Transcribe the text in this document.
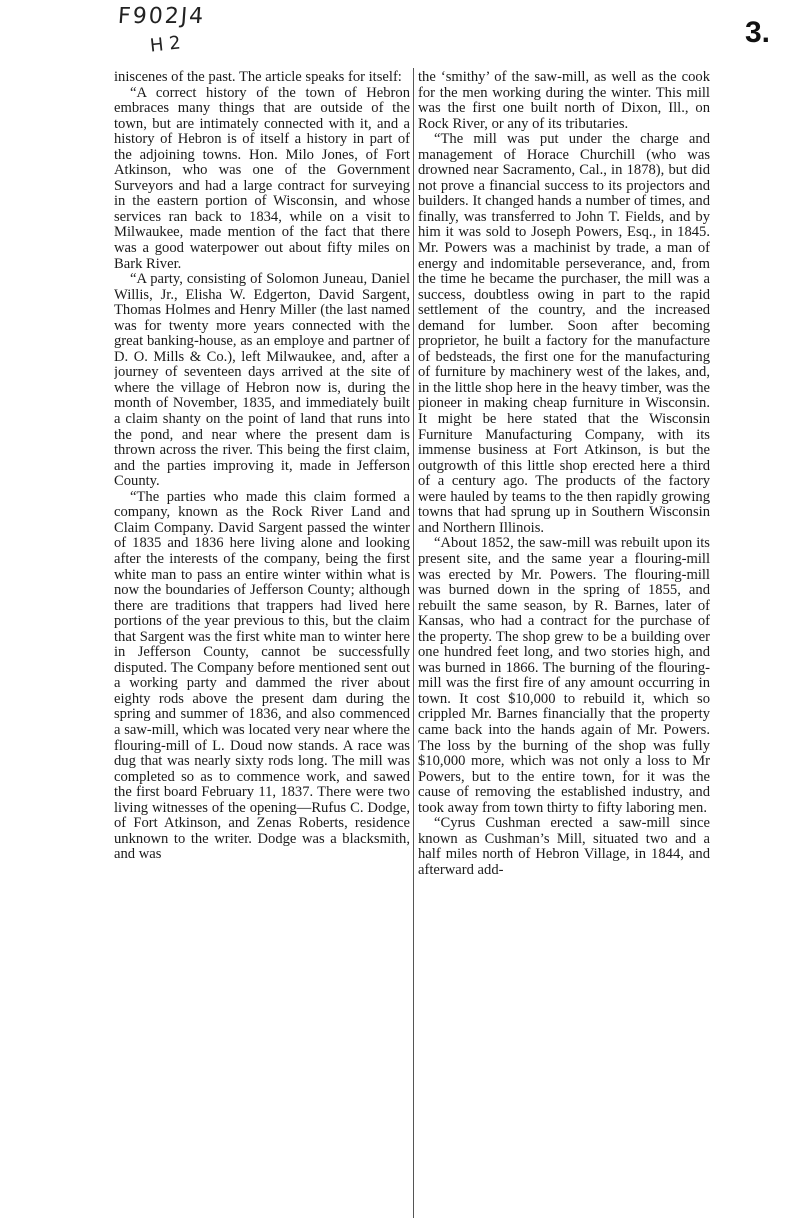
F902J4
H 2	3.

iniscenes of the past. The article speaks for itself:

“A correct history of the town of Hebron embraces many things that are outside of the town, but are intimately connected with it, and a history of Hebron is of itself a history in part of the adjoining towns. Hon. Milo Jones, of Fort Atkinson, who was one of the Government Surveyors and had a large contract for surveying in the eastern portion of Wisconsin, and whose services ran back to 1834, while on a visit to Milwaukee, made mention of the fact that there was a good waterpower out about fifty miles on Bark River.

“A party, consisting of Solomon Juneau, Daniel Willis, Jr., Elisha W. Edgerton, David Sargent, Thomas Holmes and Henry Miller (the last named was for twenty more years connected with the great banking-house, as an employe and partner of D. O. Mills & Co.), left Milwaukee, and, after a journey of seventeen days arrived at the site of where the village of Hebron now is, during the month of November, 1835, and immediately built a claim shanty on the point of land that runs into the pond, and near where the present dam is thrown across the river. This being the first claim, and the parties improving it, made in Jefferson County.

“The parties who made this claim formed a company, known as the Rock River Land and Claim Company. David Sargent passed the winter of 1835 and 1836 here living alone and looking after the interests of the company, being the first white man to pass an entire winter within what is now the boundaries of Jefferson County; although there are traditions that trappers had lived here portions of the year previous to this, but the claim that Sargent was the first white man to winter here in Jefferson County, cannot be successfully disputed. The Company before mentioned sent out a working party and dammed the river about eighty rods above the present dam during the spring and summer of 1836, and also commenced a saw-mill, which was located very near where the flouring-mill of L. Doud now stands. A race was dug that was nearly sixty rods long. The mill was completed so as to commence work, and sawed the first board February 11, 1837. There were two living witnesses of the opening—Rufus C. Dodge, of Fort Atkinson, and Zenas Roberts, residence unknown to the writer. Dodge was a blacksmith, and was

the ‘smithy’ of the saw-mill, as well as the cook for the men working during the winter. This mill was the first one built north of Dixon, Ill., on Rock River, or any of its tributaries.

“The mill was put under the charge and management of Horace Churchill (who was drowned near Sacramento, Cal., in 1878), but did not prove a financial success to its projectors and builders. It changed hands a number of times, and finally, was transferred to John T. Fields, and by him it was sold to Joseph Powers, Esq., in 1845. Mr. Powers was a machinist by trade, a man of energy and indomitable perseverance, and, from the time he became the purchaser, the mill was a success, doubtless owing in part to the rapid settlement of the country, and the increased demand for lumber. Soon after becoming proprietor, he built a factory for the manufacture of bedsteads, the first one for the manufacturing of furniture by machinery west of the lakes, and, in the little shop here in the heavy timber, was the pioneer in making cheap furniture in Wisconsin. It might be here stated that the Wisconsin Furniture Manufacturing Company, with its immense business at Fort Atkinson, is but the outgrowth of this little shop erected here a third of a century ago. The products of the factory were hauled by teams to the then rapidly growing towns that had sprung up in Southern Wisconsin and Northern Illinois.

“About 1852, the saw-mill was rebuilt upon its present site, and the same year a flouring-mill was erected by Mr. Powers. The flouring-mill was burned down in the spring of 1855, and rebuilt the same season, by R. Barnes, later of Kansas, who had a contract for the purchase of the property. The shop grew to be a building over one hundred feet long, and two stories high, and was burned in 1866. The burning of the flouring-mill was the first fire of any amount occurring in town. It cost $10,000 to rebuild it, which so crippled Mr. Barnes financially that the property came back into the hands again of Mr. Powers. The loss by the burning of the shop was fully $10,000 more, which was not only a loss to Mr Powers, but to the entire town, for it was the cause of removing the established industry, and took away from town thirty to fifty laboring men.

“Cyrus Cushman erected a saw-mill since known as Cushman’s Mill, situated two and a half miles north of Hebron Village, in 1844, and afterward add-
